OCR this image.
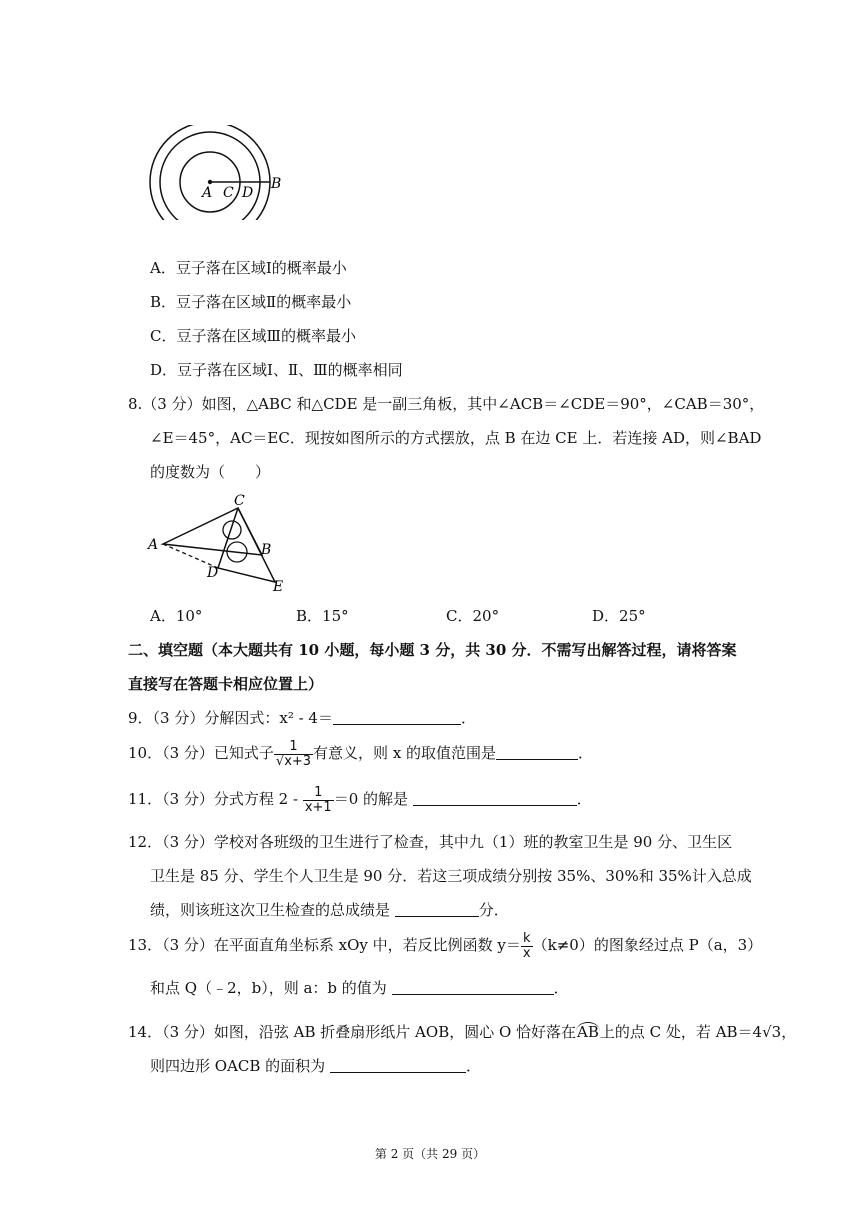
A C D
B
A．豆子落在区域Ⅰ的概率最小
B．豆子落在区域Ⅱ的概率最小
C．豆子落在区域Ⅲ的概率最小
D．豆子落在区域Ⅰ、Ⅱ、Ⅲ的概率相同
8.（3 分）如图，△ABC 和△CDE 是一副三角板，其中∠ACB＝∠CDE＝90°，∠CAB＝30°，
∠E＝45°，AC＝EC．现按如图所示的方式摆放，点 B 在边 CE 上．若连接 AD，则∠BAD
的度数为（　　）
C
A	B
D
E
A．10°	B．15°	C．20°	D．25°
二、填空题（本大题共有 10 小题，每小题 3 分，共 30 分．不需写出解答过程，请将答案
直接写在答题卡相应位置上）
9．（3 分）分解因式：x² - 4＝	．
10．（3 分）已知式子 $\frac{1}{√x+3}$ 有意义，则 x 的取值范围是	．
11．（3 分）分式方程 $2 - \frac{1}{x+1} =0$ 的解是	．
12．（3 分）学校对各班级的卫生进行了检查，其中九（1）班的教室卫生是 90 分、卫生区
卫生是 85 分、学生个人卫生是 90 分．若这三项成绩分别按 35%、30%和 35%计入总成
绩，则该班这次卫生检查的总成绩是	分．
13．（3 分）在平面直角坐标系 xOy 中，若反比例函数 $y= \frac{k}{x} (k\ne 0)$的图象经过点 P（a，3）
和点 Q（﹣2，b），则 a：b 的值为	．
14．（3 分）如图，沿弦 AB 折叠扇形纸片 AOB，圆心 O 恰好落在AB上的点 C 处，若 AB＝4√3，
则四边形 OACB 的面积为	．
第 2 页（共 29 页）
